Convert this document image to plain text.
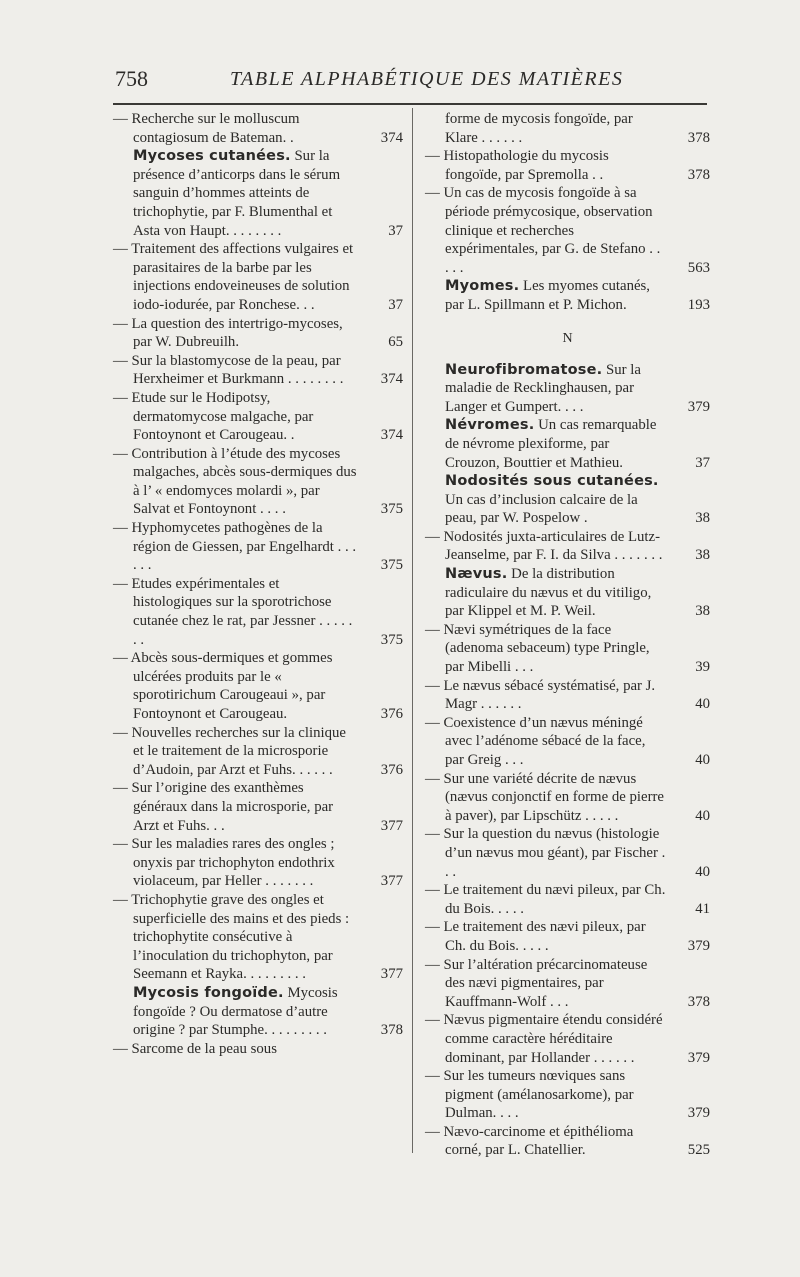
758	TABLE ALPHABÉTIQUE DES MATIÈRES
— Recherche sur le molluscum contagiosum de Bateman. .	374
Mycoses cutanées. Sur la présence d’anticorps dans le sérum sanguin d’hommes atteints de trichophytie, par F. Blumenthal et Asta von Haupt. . . . . . . .	37
— Traitement des affections vulgaires et parasitaires de la barbe par les injections endoveineuses de solution iodo-iodurée, par Ronchese. . .	37
— La question des intertrigo-mycoses, par W. Dubreuilh.	65
— Sur la blastomycose de la peau, par Herxheimer et Burkmann . . . . . . . .	374
— Etude sur le Hodipotsy, dermatomycose malgache, par Fontoynont et Carougeau. .	374
— Contribution à l’étude des mycoses malgaches, abcès sous-dermiques dus à l’ « endomyces molardi », par Salvat et Fontoynont . . . .	375
— Hyphomycetes pathogènes de la région de Giessen, par Engelhardt . . . . . .	375
— Etudes expérimentales et histologiques sur la sporotrichose cutanée chez le rat, par Jessner . . . . . . .	375
— Abcès sous-dermiques et gommes ulcérées produits par le « sporotirichum Carougeaui », par Fontoynont et Carougeau.	376
— Nouvelles recherches sur la clinique et le traitement de la microsporie d’Audoin, par Arzt et Fuhs. . . . . .	376
— Sur l’origine des exanthèmes généraux dans la microsporie, par Arzt et Fuhs. . .	377
— Sur les maladies rares des ongles ; onyxis par trichophyton endothrix violaceum, par Heller . . . . . . .	377
— Trichophytie grave des ongles et superficielle des mains et des pieds : trichophytite consécutive à l’inoculation du trichophyton, par Seemann et Rayka. . . . . . . . .	377
Mycosis fongoïde. Mycosis fongoïde ? Ou dermatose d’autre origine ? par Stumphe. . . . . . . . .	378
— Sarcome de la peau sous
forme de mycosis fongoïde, par Klare . . . . . .	378
— Histopathologie du mycosis fongoïde, par Spremolla . .	378
— Un cas de mycosis fongoïde à sa période prémycosique, observation clinique et recherches expérimentales, par G. de Stefano . . . . .	563
Myomes. Les myomes cutanés, par L. Spillmann et P. Michon.	193
N
Neurofibromatose. Sur la maladie de Recklinghausen, par Langer et Gumpert. . . .	379
Névromes. Un cas remarquable de névrome plexiforme, par Crouzon, Bouttier et Mathieu.	37
Nodosités sous cutanées. Un cas d’inclusion calcaire de la peau, par W. Pospelow .	38
— Nodosités juxta-articulaires de Lutz-Jeanselme, par F. I. da Silva . . . . . . . 38
Nævus. De la distribution radiculaire du nævus et du vitiligo, par Klippel et M. P. Weil.	38
— Nævi symétriques de la face (adenoma sebaceum) type Pringle, par Mibelli . . .	39
— Le nævus sébacé systématisé, par J. Magr . . . . . .	40
— Coexistence d’un nævus méningé avec l’adénome sébacé de la face, par Greig . . .	40
— Sur une variété décrite de nævus (nævus conjonctif en forme de pierre à paver), par Lipschütz . . . . .	40
— Sur la question du nævus (histologie d’un nævus mou géant), par Fischer . . .	40
— Le traitement du nævi pileux, par Ch. du Bois. . . . .	41
— Le traitement des nævi pileux, par Ch. du Bois. . . . .	379
— Sur l’altération précarcinomateuse des nævi pigmentaires, par Kauffmann-Wolf . . .	378
— Nævus pigmentaire étendu considéré comme caractère héréditaire dominant, par Hollander . . . . . .	379
— Sur les tumeurs nœviques sans pigment (amélanosarkome), par Dulman. . . .	379
— Nævo-carcinome et épithélioma corné, par L. Chatellier.	525
